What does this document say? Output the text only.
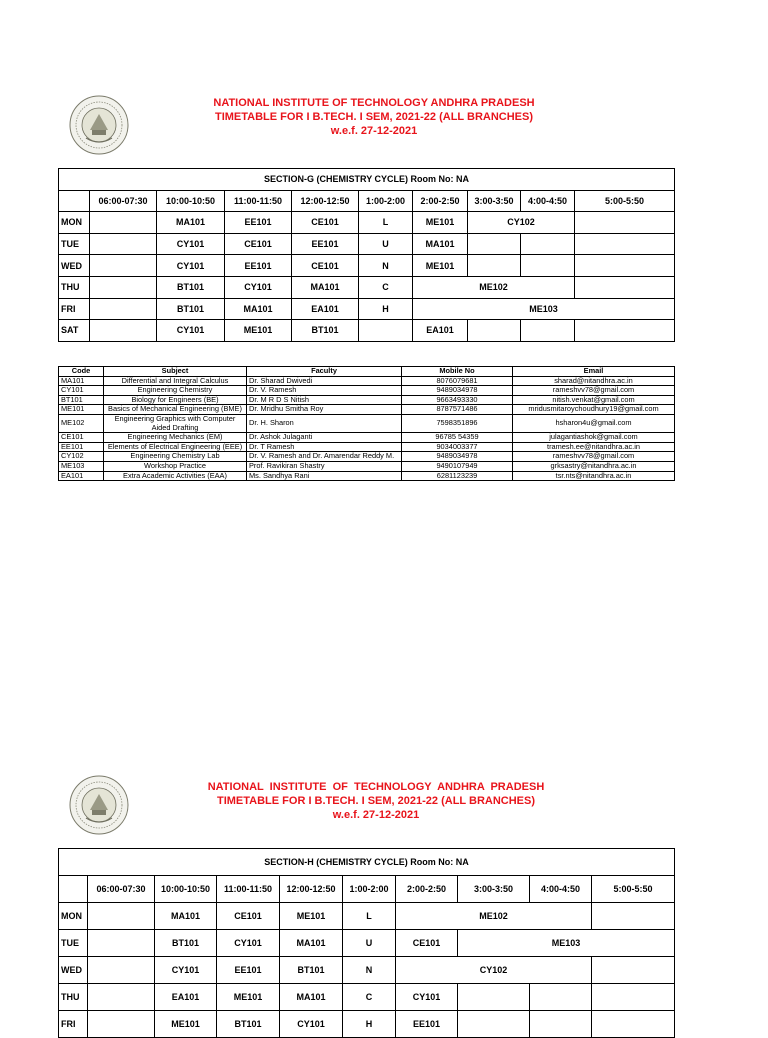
NATIONAL INSTITUTE OF TECHNOLOGY ANDHRA PRADESH
TIMETABLE FOR I B.TECH. I SEM, 2021-22 (ALL BRANCHES)
w.e.f. 27-12-2021
SECTION-G (CHEMISTRY CYCLE) Room No: NA									
	06:00-07:30	10:00-10:50	11:00-11:50	12:00-12:50	1:00-2:00	2:00-2:50	3:00-3:50	4:00-4:50	5:00-5:50
MON		MA101	EE101	CE101	L	ME101	CY102		
TUE		CY101	CE101	EE101	U	MA101			
WED		CY101	EE101	CE101	N	ME101			
THU		BT101	CY101	MA101	C	ME102			
FRI		BT101	MA101	EA101	H	ME103			
SAT		CY101	ME101	BT101		EA101			
Code	Subject	Faculty	Mobile No	Email
MA101	Differential and Integral Calculus	Dr. Sharad Dwivedi	8076079681	sharad@nitandhra.ac.in
CY101	Engineering Chemistry	Dr. V. Ramesh	9489034978	rameshvv78@gmail.com
BT101	Biology for Engineers (BE)	Dr. M R D S Nitish	9663493330	nitish.venkat@gmail.com
ME101	Basics of Mechanical Engineering (BME)	Dr. Mridhu Smitha Roy	8787571486	mridusmitaroychoudhury19@gmail.com
ME102	Engineering Graphics with Computer Aided Drafting	Dr. H. Sharon	7598351896	hsharon4u@gmail.com
CE101	Engineering Mechanics (EM)	Dr. Ashok Julaganti	96785 54359	julagantiashok@gmail.com
EE101	Elements of Electrical Engineering (EEE)	Dr. T Ramesh	9034003377	tramesh.ee@nitandhra.ac.in
CY102	Engineering Chemistry Lab	Dr. V. Ramesh and Dr. Amarendar Reddy M.	9489034978	rameshvv78@gmail.com
ME103	Workshop Practice	Prof. Ravikiran Shastry	9490107949	grksastry@nitandhra.ac.in
EA101	Extra Academic Activities (EAA)	Ms. Sandhya Rani	6281123239	tsr.nts@nitandhra.ac.in
NATIONAL  INSTITUTE  OF  TECHNOLOGY  ANDHRA  PRADESH
TIMETABLE FOR I B.TECH. I SEM, 2021-22 (ALL BRANCHES)
w.e.f. 27-12-2021
SECTION-H (CHEMISTRY CYCLE) Room No: NA									
	06:00-07:30	10:00-10:50	11:00-11:50	12:00-12:50	1:00-2:00	2:00-2:50	3:00-3:50	4:00-4:50	5:00-5:50
MON		MA101	CE101	ME101	L	ME102			
TUE		BT101	CY101	MA101	U	CE101	ME103		
WED		CY101	EE101	BT101	N	CY102			
THU		EA101	ME101	MA101	C	CY101			
FRI		ME101	BT101	CY101	H	EE101			
